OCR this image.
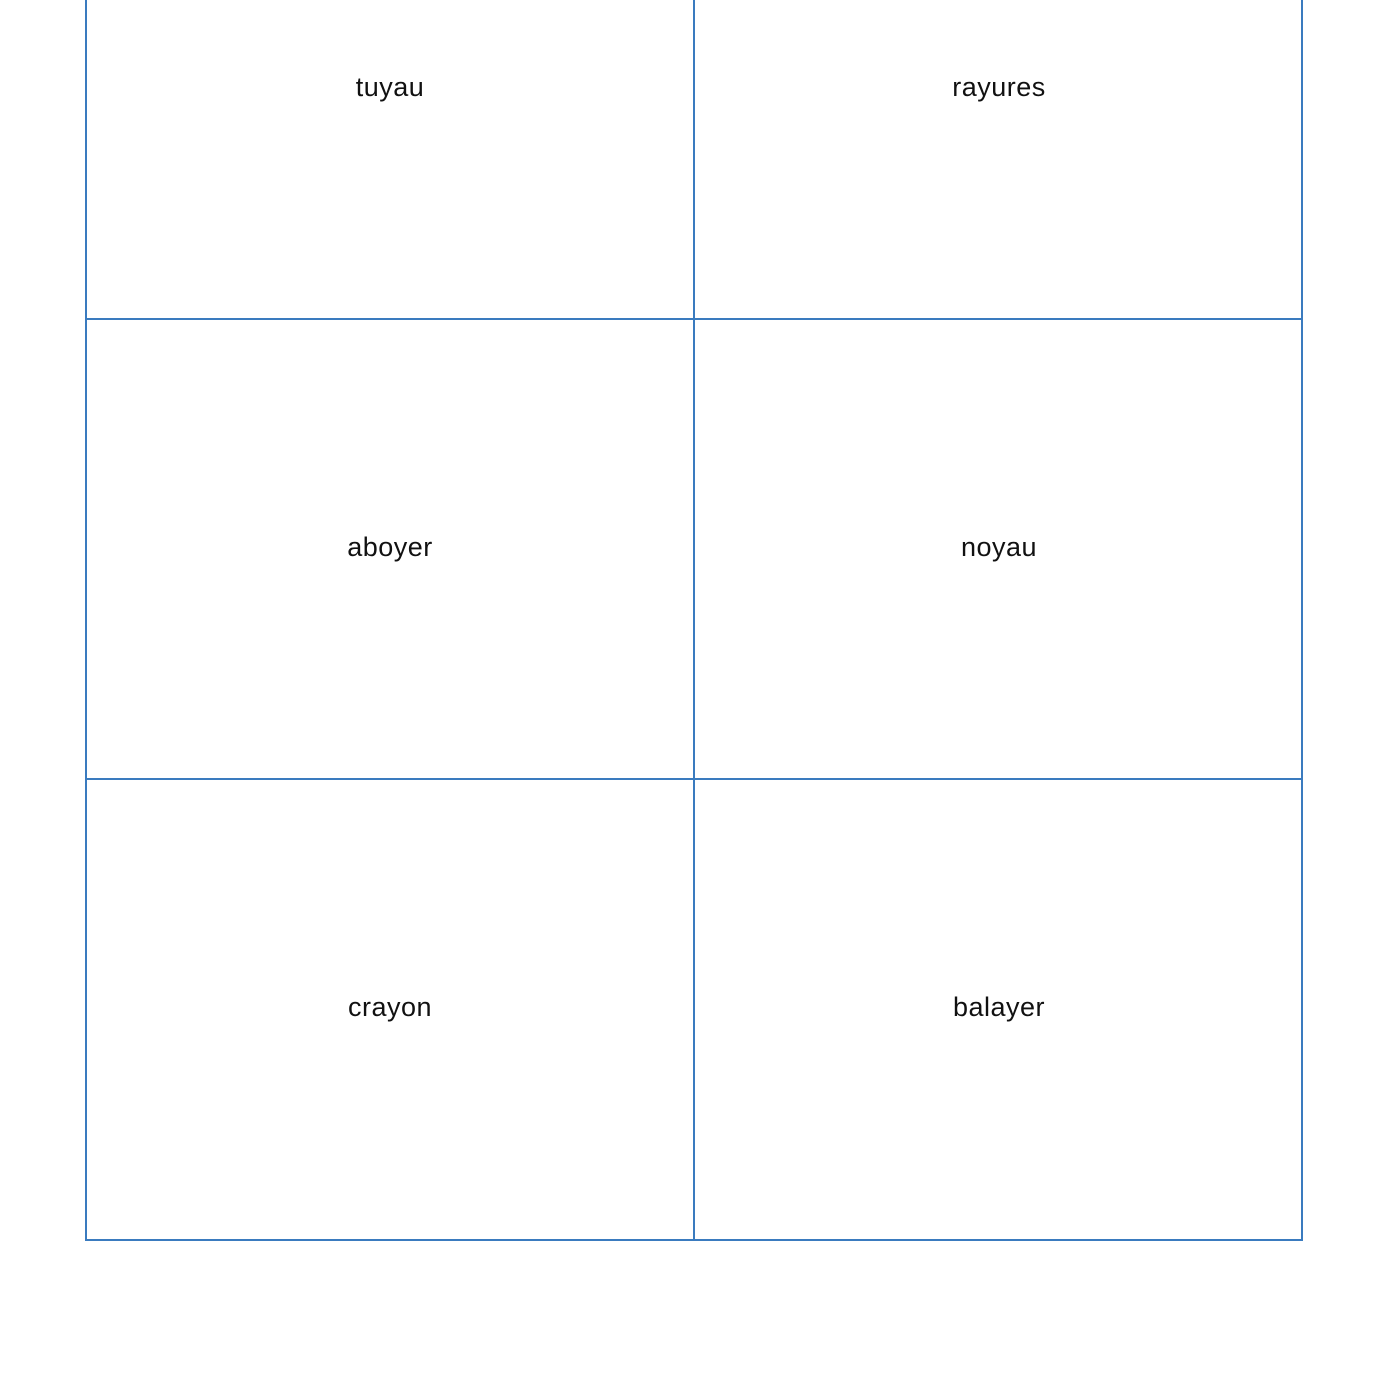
tuyau	rayures
aboyer	noyau
crayon	balayer
